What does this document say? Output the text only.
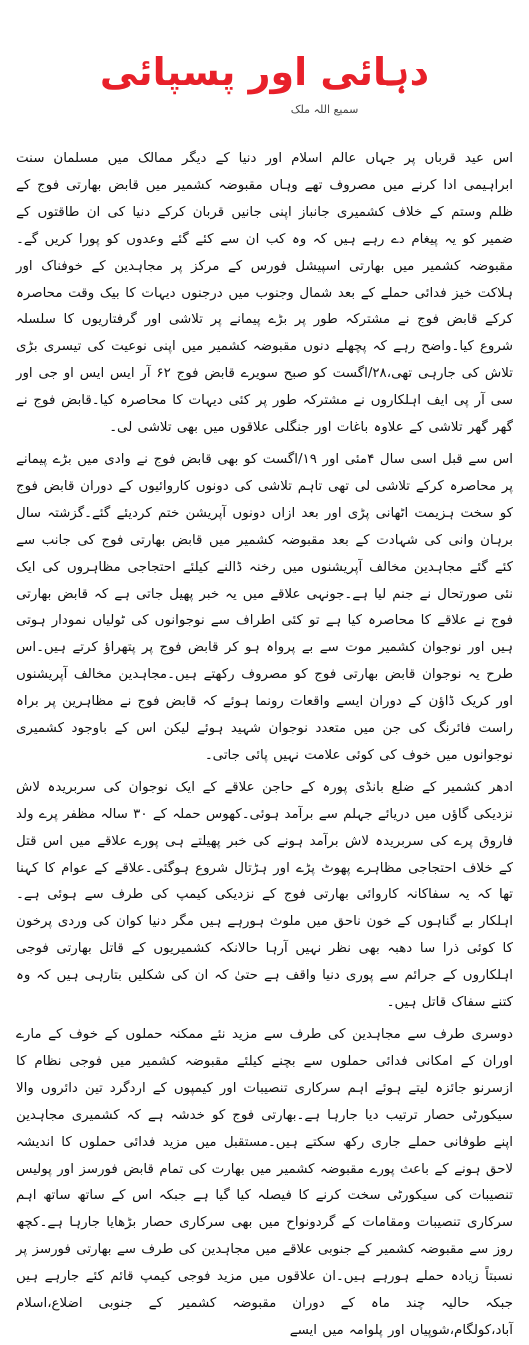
دہائی اور پسپائی
سمیع اللہ ملک

اس عید قرباں پر جہاں عالم اسلام اور دنیا کے دیگر ممالک میں مسلمان سنت ابراہیمی ادا کرنے میں مصروف تھے وہاں مقبوضہ کشمیر میں قابض بھارتی فوج کے ظلم وستم کے خلاف کشمیری جانباز اپنی جانیں قربان کرکے دنیا کی ان طاقتوں کے ضمیر کو یہ پیغام دے رہے ہیں کہ وہ کب ان سے کئے گئے وعدوں کو پورا کریں گے۔مقبوضہ کشمیر میں بھارتی اسپیشل فورس کے مرکز پر مجاہدین کے خوفناک اور ہلاکت خیز فدائی حملے کے بعد شمال وجنوب میں درجنوں دیہات کا بیک وقت محاصرہ کرکے قابض فوج نے مشترکہ طور پر بڑے پیمانے پر تلاشی اور گرفتاریوں کا سلسلہ شروع کیا۔واضح رہے کہ پچھلے دنوں مقبوضہ کشمیر میں اپنی نوعیت کی تیسری بڑی تلاش کی جارہی تھی،۲۸/اگست کو صبح سویرے قابض فوج ۶۲ آر ایس ایس او جی اور سی آر پی ایف اہلکاروں نے مشترکہ طور پر کئی دیہات کا محاصرہ کیا۔قابض فوج نے گھر گھر تلاشی کے علاوہ باغات اور جنگلی علاقوں میں بھی تلاشی لی۔

اس سے قبل اسی سال ۴مئی اور ۱۹/اگست کو بھی قابض فوج نے وادی میں بڑے پیمانے پر محاصرہ کرکے تلاشی لی تھی تاہم تلاشی کی دونوں کاروائیوں کے دوران قابض فوج کو سخت ہزیمت اٹھانی پڑی اور بعد ازاں دونوں آپریشن ختم کردیئے گئے۔گزشتہ سال برہان وانی کی شہادت کے بعد مقبوضہ کشمیر میں قابض بھارتی فوج کی جانب سے کئے گئے مجاہدین مخالف آپریشنوں میں رخنہ ڈالنے کیلئے احتجاجی مظاہروں کی ایک نئی صورتحال نے جنم لیا ہے۔جونہی علاقے میں یہ خبر پھیل جاتی ہے کہ قابض بھارتی فوج نے علاقے کا محاصرہ کیا ہے تو کئی اطراف سے نوجوانوں کی ٹولیاں نمودار ہوتی ہیں اور نوجوان کشمیر موت سے بے پرواہ ہو کر قابض فوج پر پتھراؤ کرتے ہیں۔اس طرح یہ نوجوان قابض بھارتی فوج کو مصروف رکھتے ہیں۔مجاہدین مخالف آپریشنوں اور کریک ڈاؤن کے دوران ایسے واقعات رونما ہوئے کہ قابض فوج نے مظاہرین پر براہ راست فائرنگ کی جن میں متعدد نوجوان شہید ہوئے لیکن اس کے باوجود کشمیری نوجوانوں میں خوف کی کوئی علامت نہیں پائی جاتی۔

ادھر کشمیر کے ضلع بانڈی پورہ کے حاجن علاقے کے ایک نوجوان کی سربریدہ لاش نزدیکی گاؤں میں دریائے جہلم سے برآمد ہوئی۔کھوس حملہ کے ۳۰ سالہ مظفر پرے ولد فاروق پرے کی سربریدہ لاش برآمد ہونے کی خبر پھیلتے ہی پورے علاقے میں اس قتل کے خلاف احتجاجی مظاہرے پھوٹ پڑے اور ہڑتال شروع ہوگئی۔علاقے کے عوام کا کہنا تھا کہ یہ سفاکانہ کاروائی بھارتی فوج کے نزدیکی کیمپ کی طرف سے ہوئی ہے۔اہلکار بے گناہوں کے خون ناحق میں ملوث ہورہے ہیں مگر دنیا کوان کی وردی پرخون کا کوئی ذرا سا دھبہ بھی نظر نہیں آرہا حالانکہ کشمیریوں کے قاتل بھارتی فوجی اہلکاروں کے جرائم سے پوری دنیا واقف ہے حتیٰ کہ ان کی شکلیں بتارہی ہیں کہ وہ کتنے سفاک قاتل ہیں۔

دوسری طرف سے مجاہدین کی طرف سے مزید نئے ممکنہ حملوں کے خوف کے مارے اوران کے امکانی فدائی حملوں سے بچنے کیلئے مقبوضہ کشمیر میں فوجی نظام کا ازسرنو جائزہ لیتے ہوئے اہم سرکاری تنصیبات اور کیمپوں کے اردگرد تین دائروں والا سیکورٹی حصار ترتیب دیا جارہا ہے۔بھارتی فوج کو خدشہ ہے کہ کشمیری مجاہدین اپنے طوفانی حملے جاری رکھ سکتے ہیں۔مستقبل میں مزید فدائی حملوں کا اندیشہ لاحق ہونے کے باعث پورے مقبوضہ کشمیر میں بھارت کی تمام قابض فورسز اور پولیس تنصیبات کی سیکورٹی سخت کرنے کا فیصلہ کیا گیا ہے جبکہ اس کے ساتھ ساتھ اہم سرکاری تنصیبات ومقامات کے گردونواح میں بھی سرکاری حصار بڑھایا جارہا ہے۔کچھ روز سے مقبوضہ کشمیر کے جنوبی علاقے میں مجاہدین کی طرف سے بھارتی فورسز پر نسبتاً زیادہ حملے ہورہے ہیں۔ان علاقوں میں مزید فوجی کیمپ قائم کئے جارہے ہیں جبکہ حالیہ چند ماہ کے دوران مقبوضہ کشمیر کے جنوبی اضلاع،اسلام آباد،کولگام،شوپیاں اور پلوامہ میں ایسے
